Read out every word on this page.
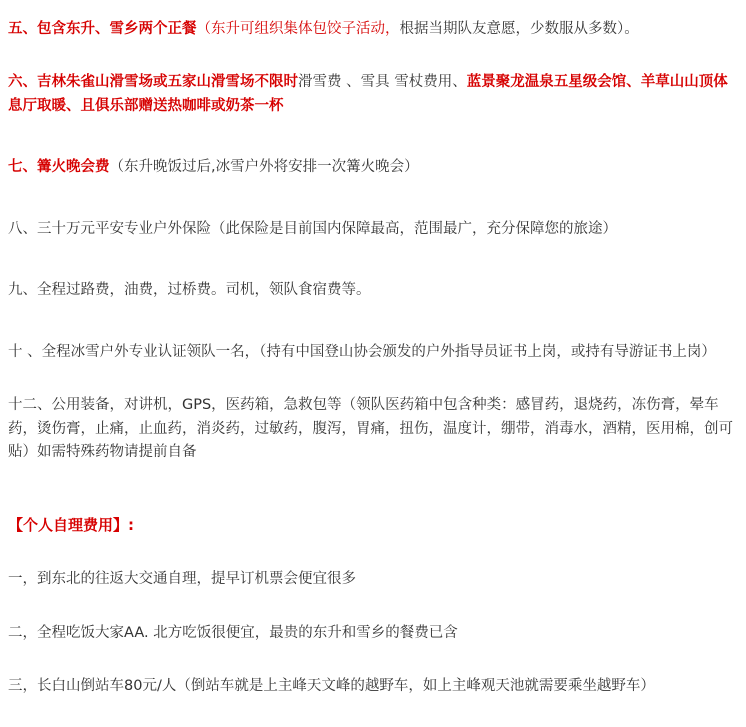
五、包含东升、雪乡两个正餐（东升可组织集体包饺子活动，根据当期队友意愿，少数服从多数）。

六、吉林朱雀山滑雪场或五家山滑雪场不限时滑雪费 、雪具 雪杖费用、蓝景聚龙温泉五星级会馆、羊草山山顶体息厅取暖、且俱乐部赠送热咖啡或奶茶一杯

七、篝火晚会费（东升晚饭过后,冰雪户外将安排一次篝火晚会）

八、三十万元平安专业户外保险（此保险是目前国内保障最高，范围最广，充分保障您的旅途）

九、全程过路费，油费，过桥费。司机，领队食宿费等。

十 、全程冰雪户外专业认证领队一名，（持有中国登山协会颁发的户外指导员证书上岗，或持有导游证书上岗）

十二、公用装备，对讲机，GPS，医药箱，急救包等（领队医药箱中包含种类：感冒药，退烧药，冻伤膏，晕车药，烫伤膏，止痛，止血药，消炎药，过敏药，腹泻，胃痛，扭伤，温度计，绷带，消毒水，酒精，医用棉，创可贴）如需特殊药物请提前自备

【个人自理费用】:

一，到东北的往返大交通自理，提早订机票会便宜很多

二，全程吃饭大家AA. 北方吃饭很便宜，最贵的东升和雪乡的餐费已含

三，长白山倒站车80元/人（倒站车就是上主峰天文峰的越野车，如上主峰观天池就需要乘坐越野车）
